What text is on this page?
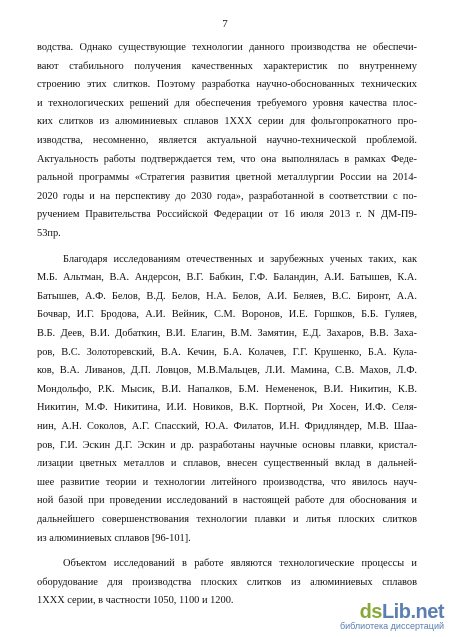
7
водства. Однако существующие технологии данного производства не обеспечи-
вают стабильного получения качественных характеристик по внутреннему
строению этих слитков. Поэтому разработка научно-обоснованных технических
и технологических решений для обеспечения требуемого уровня качества плос-
ких слитков из алюминиевых сплавов 1XXX серии для фольгопрокатного про-
изводства, несомненно, является актуальной научно-технической проблемой.
Актуальность работы подтверждается тем, что она выполнялась в рамках Феде-
ральной программы «Стратегия развития цветной металлургии России на 2014-
2020 годы и на перспективу до 2030 года», разработанной в соответствии с по-
ручением Правительства Российской Федерации от 16 июля 2013 г. N ДМ-П9-
53пр.
Благодаря исследованиям отечественных и зарубежных ученых таких, как
М.Б. Альтман, В.А. Андерсон, В.Г. Бабкин, Г.Ф. Баландин, А.И. Батышев, К.А.
Батышев, А.Ф. Белов, В.Д. Белов, Н.А. Белов, А.И. Беляев, В.С. Биронт, А.А.
Бочвар, И.Г. Бродова, А.И. Вейник, С.М. Воронов, И.Е. Горшков, Б.Б. Гуляев,
В.Б. Деев, В.И. Добаткин, В.И. Елагин, В.М. Замятин, Е.Д. Захаров, В.В. Заха-
ров, В.С. Золоторевский, В.А. Кечин, Б.А. Колачев, Г.Г. Крушенко, Б.А. Кула-
ков, В.А. Ливанов, Д.П. Ловцов, М.В.Мальцев, Л.И. Мамина, С.В. Махов, Л.Ф.
Мондольфо, Р.К. Мысик, В.И. Напалков, Б.М. Немененок, В.И. Никитин, К.В.
Никитин, М.Ф. Никитина, И.И. Новиков, В.К. Портной, Ри Хосен, И.Ф. Селя-
нин, А.Н. Соколов, А.Г. Спасский, Ю.А. Филатов, И.Н. Фридляндер, М.В. Шаа-
ров, Г.И. Эскин Д.Г. Эскин и др. разработаны научные основы плавки, кристал-
лизации цветных металлов и сплавов, внесен существенный вклад в дальней-
шее развитие теории и технологии литейного производства, что явилось науч-
ной базой при проведении исследований в настоящей работе для обоснования и
дальнейшего совершенствования технологии плавки и литья плоских слитков
из алюминиевых сплавов [96-101].
Объектом исследований в работе являются технологические процессы и
оборудование для производства плоских слитков из алюминиевых сплавов
1XXX серии, в частности 1050, 1100 и 1200.
dsLib.net
библиотека диссертаций
